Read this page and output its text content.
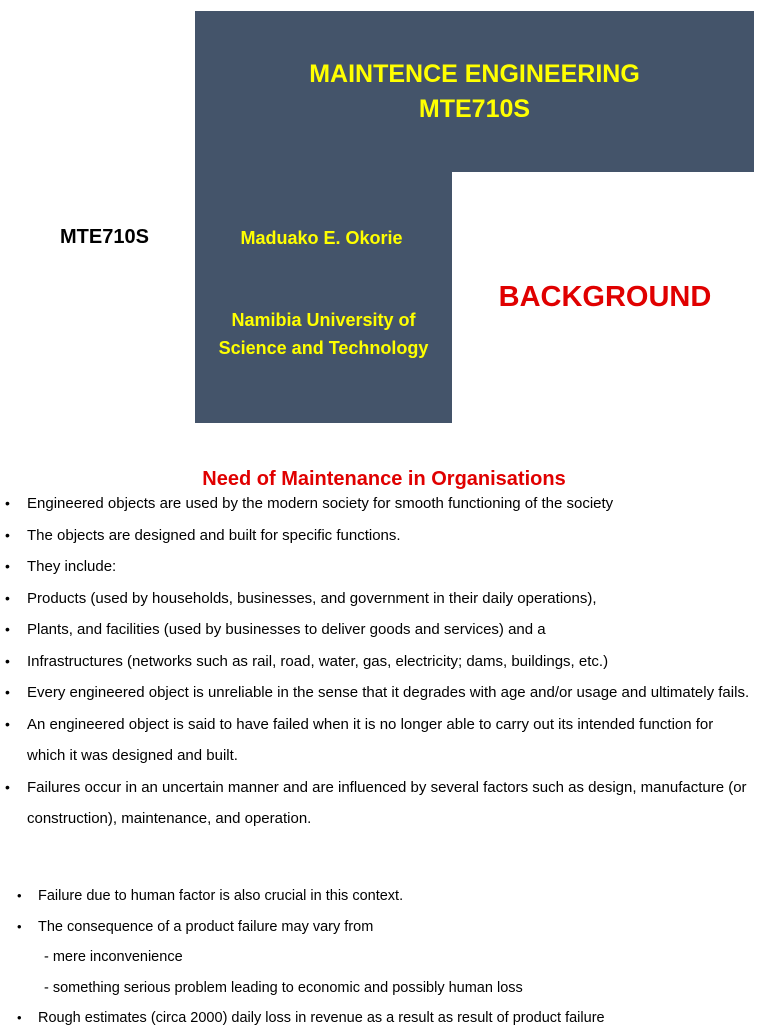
MAINTENCE ENGINEERING
MTE710S
MTE710S	Maduako E. Okorie
Namibia University of
Science and Technology
BACKGROUND
Need of Maintenance in Organisations
• Engineered objects are used by the modern society for smooth functioning of the society
• The objects are designed and built for specific functions.
• They include:
• Products (used by households, businesses, and government in their daily operations),
• Plants, and facilities (used by businesses to deliver goods and services) and a
• Infrastructures (networks such as rail, road, water, gas, electricity; dams, buildings, etc.)
• Every engineered object is unreliable in the sense that it degrades with age and/or usage and ultimately fails.
• An engineered object is said to have failed when it is no longer able to carry out its intended function for which it was designed and built.
• Failures occur in an uncertain manner and are influenced by several factors such as design, manufacture (or construction), maintenance, and operation.
• Failure due to human factor is also crucial in this context.
• The consequence of a product failure may vary from
- mere inconvenience
- something serious problem leading to economic and possibly human loss
• Rough estimates (circa 2000) daily loss in revenue as a result as result of product failure
